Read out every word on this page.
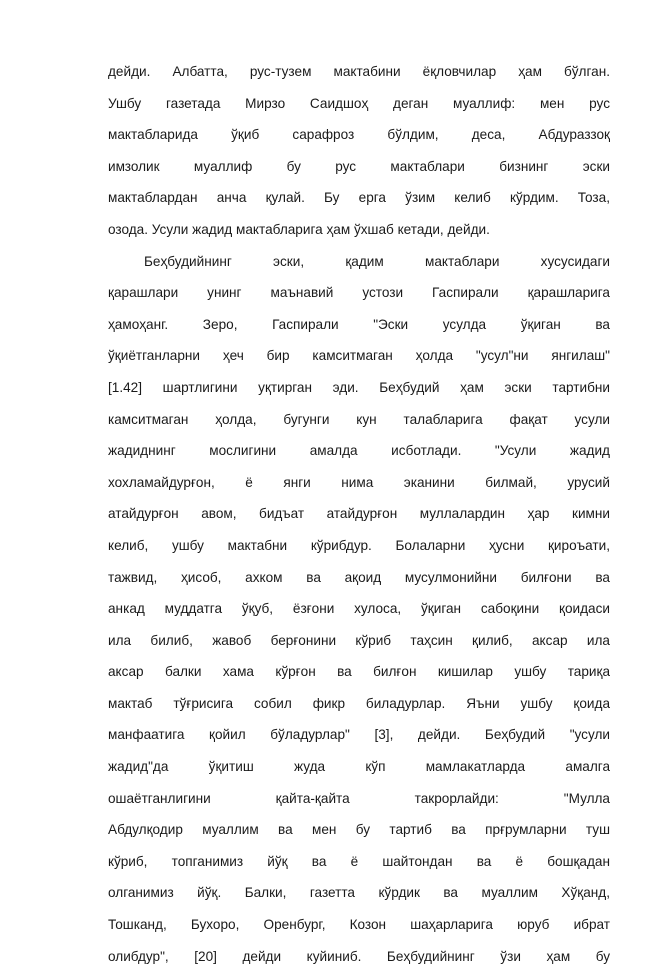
дейди. Албатта, рус-тузем мактабини ёқловчилар ҳам бўлган.
Ушбу газетада Мирзо Саидшоҳ деган муаллиф: мен рус
мактабларида ўқиб сарафроз бўлдим, деса, Абдураззоқ
имзолик муаллиф бу рус мактаблари бизнинг эски
мактаблардан анча қулай. Бу ерга ўзим келиб кўрдим. Тоза,
озода. Усули жадид мактабларига ҳам ўхшаб кетади, дейди.
Беҳбудийнинг эски, қадим мактаблари хусусидаги
қарашлари унинг маънавий устози Гаспирали қарашларига
ҳамоҳанг. Зеро, Гаспирали "Эски усулда ўқиган ва
ўқиётганларни ҳеч бир камситмаган ҳолда "усул"ни янгилаш"
[1.42] шартлигини уқтирган эди. Беҳбудий ҳам эски тартибни
камситмаган ҳолда, бугунги кун талабларига фақат усули
жадиднинг мослигини амалда исботлади. "Усули жадид
хохламайдурғон, ё янги нима эканини билмай, урусий
атайдурғон авом, бидъат атайдурғон муллалардин ҳар кимни
келиб, ушбу мактабни кўрибдур. Болаларни ҳусни қироъати,
тажвид, ҳисоб, ахком ва ақоид мусулмонийни билғони ва
анкад муддатга ўқуб, ёзғони хулоса, ўқиган сабоқини қоидаси
ила билиб, жавоб берғонини кўриб таҳсин қилиб, аксар ила
аксар балки хама кўрғон ва билғон кишилар ушбу тариқа
мактаб тўғрисига собил фикр биладурлар. Яъни ушбу қоида
манфаатига қойил бўладурлар" [3], дейди. Беҳбудий "усули
жадид"да ўқитиш жуда кўп мамлакатларда амалга
ошаётганлигини қайта-қайта такрорлайди: "Мулла
Абдулқодир муаллим ва мен бу тартиб ва прғрумларни туш
кўриб, топганимиз йўқ ва ё шайтондан ва ё бошқадан
олганимиз йўқ. Балки, газетта кўрдик ва муаллим Хўқанд,
Тошканд, Бухоро, Оренбург, Козон шаҳарларига юруб ибрат
олибдур", [20] дейди куйиниб. Беҳбудийнинг ўзи ҳам бу
